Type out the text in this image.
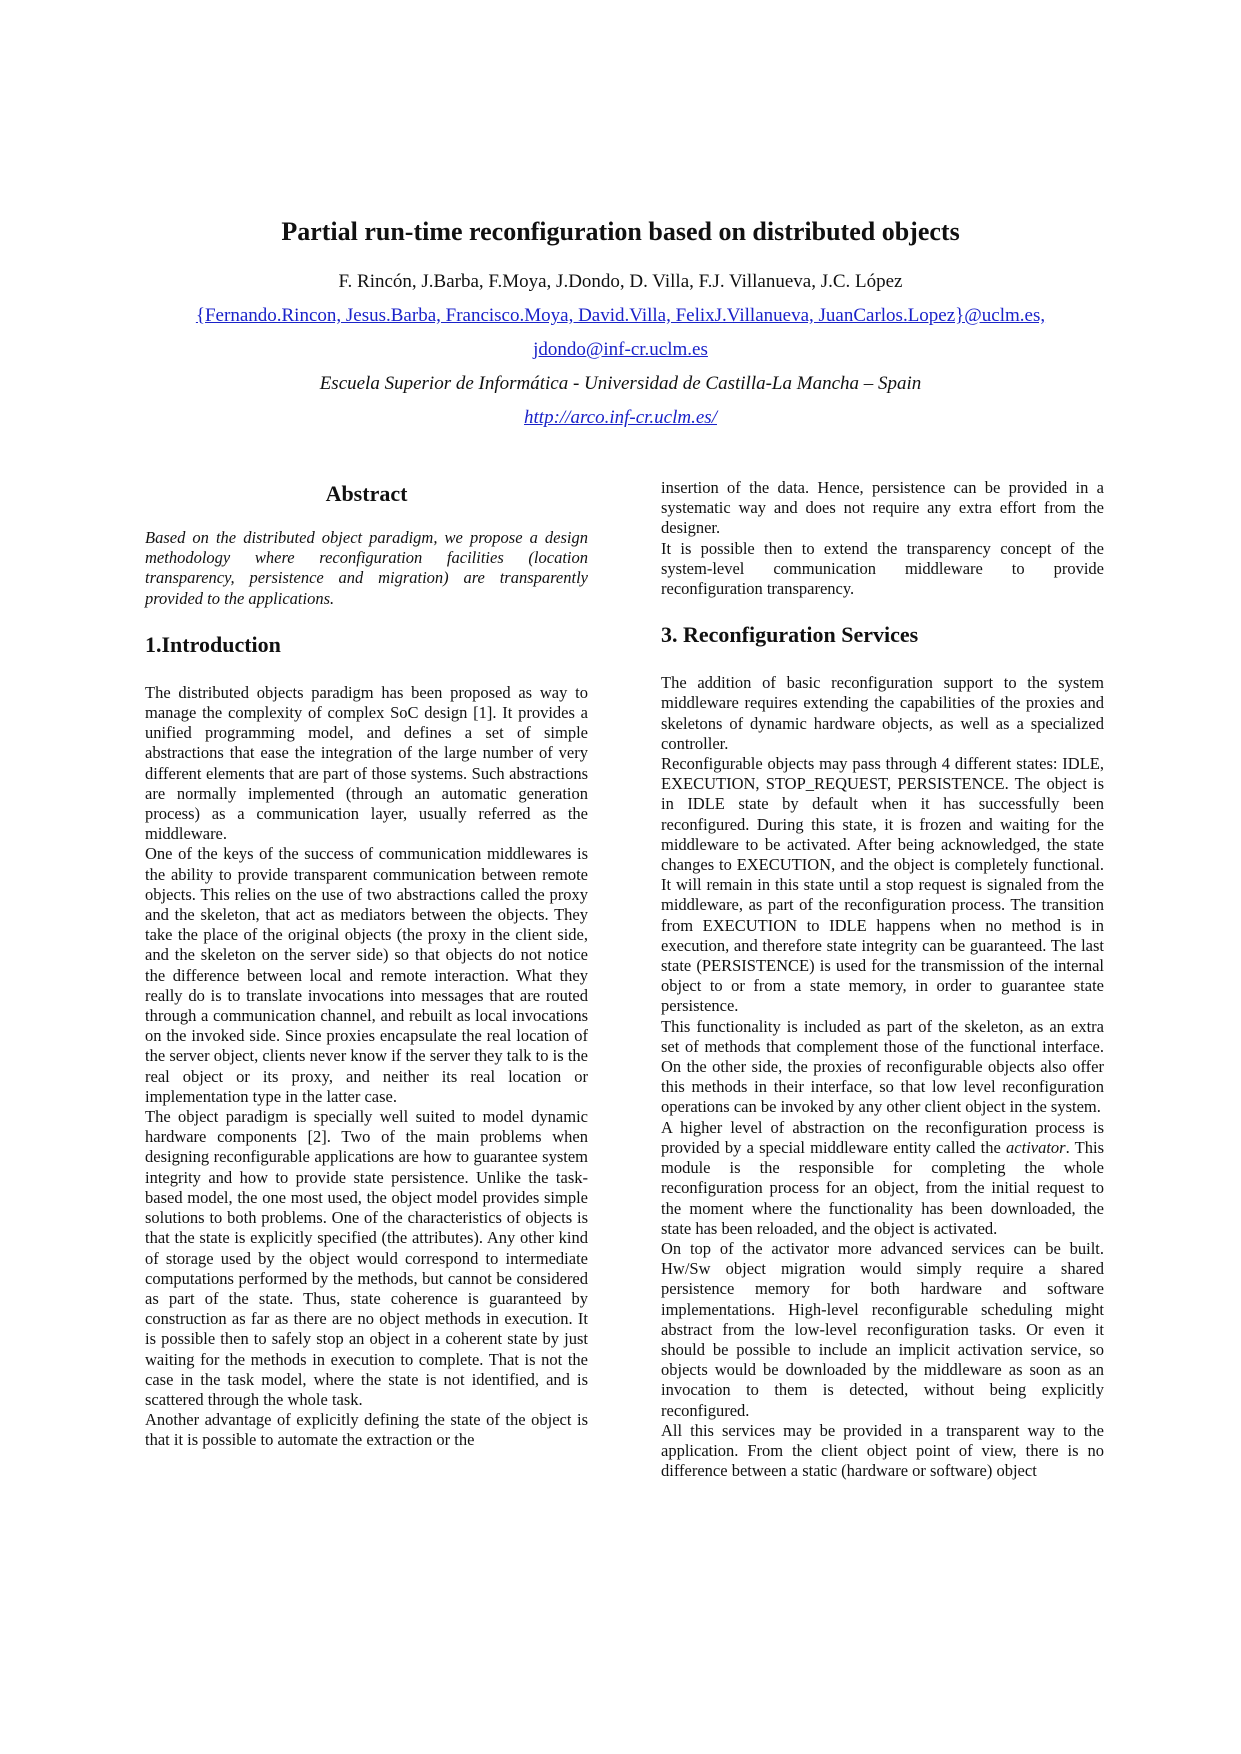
Partial run-time reconfiguration based on distributed objects
F. Rincón, J.Barba, F.Moya, J.Dondo, D. Villa, F.J. Villanueva, J.C. López
{Fernando.Rincon, Jesus.Barba, Francisco.Moya, David.Villa, FelixJ.Villanueva, JuanCarlos.Lopez}@uclm.es,
jdondo@inf-cr.uclm.es
Escuela Superior de Informática - Universidad de Castilla-La Mancha – Spain
http://arco.inf-cr.uclm.es/
Abstract

Based on the distributed object paradigm, we propose a design methodology where reconfiguration facilities (location transparency, persistence and migration) are transparently provided to the applications.

1.Introduction

The distributed objects paradigm has been proposed as way to manage the complexity of complex SoC design [1]. It provides a unified programming model, and defines a set of simple abstractions that ease the integration of the large number of very different elements that are part of those systems. Such abstractions are normally implemented (through an automatic generation process) as a communication layer, usually referred as the middleware.

One of the keys of the success of communication middlewares is the ability to provide transparent communication between remote objects. This relies on the use of two abstractions called the proxy and the skeleton, that act as mediators between the objects. They take the place of the original objects (the proxy in the client side, and the skeleton on the server side) so that objects do not notice the difference between local and remote interaction. What they really do is to translate invocations into messages that are routed through a communication channel, and rebuilt as local invocations on the invoked side. Since proxies encapsulate the real location of the server object, clients never know if the server they talk to is the real object or its proxy, and neither its real location or implementation type in the latter case.

The object paradigm is specially well suited to model dynamic hardware components [2]. Two of the main problems when designing reconfigurable applications are how to guarantee system integrity and how to provide state persistence. Unlike the task-based model, the one most used, the object model provides simple solutions to both problems. One of the characteristics of objects is that the state is explicitly specified (the attributes). Any other kind of storage used by the object would correspond to intermediate computations performed by the methods, but cannot be considered as part of the state. Thus, state coherence is guaranteed by construction as far as there are no object methods in execution. It is possible then to safely stop an object in a coherent state by just waiting for the methods in execution to complete. That is not the case in the task model, where the state is not identified, and is scattered through the whole task.

Another advantage of explicitly defining the state of the object is that it is possible to automate the extraction or the

insertion of the data. Hence, persistence can be provided in a systematic way and does not require any extra effort from the designer.

It is possible then to extend the transparency concept of the system-level communication middleware to provide reconfiguration transparency.

3. Reconfiguration Services

The addition of basic reconfiguration support to the system middleware requires extending the capabilities of the proxies and skeletons of dynamic hardware objects, as well as a specialized controller.

Reconfigurable objects may pass through 4 different states: IDLE, EXECUTION, STOP_REQUEST, PERSISTENCE. The object is in IDLE state by default when it has successfully been reconfigured. During this state, it is frozen and waiting for the middleware to be activated. After being acknowledged, the state changes to EXECUTION, and the object is completely functional. It will remain in this state until a stop request is signaled from the middleware, as part of the reconfiguration process. The transition from EXECUTION to IDLE happens when no method is in execution, and therefore state integrity can be guaranteed. The last state (PERSISTENCE) is used for the transmission of the internal object to or from a state memory, in order to guarantee state persistence.

This functionality is included as part of the skeleton, as an extra set of methods that complement those of the functional interface. On the other side, the proxies of reconfigurable objects also offer this methods in their interface, so that low level reconfiguration operations can be invoked by any other client object in the system.

A higher level of abstraction on the reconfiguration process is provided by a special middleware entity called the activator. This module is the responsible for completing the whole reconfiguration process for an object, from the initial request to the moment where the functionality has been downloaded, the state has been reloaded, and the object is activated.

On top of the activator more advanced services can be built. Hw/Sw object migration would simply require a shared persistence memory for both hardware and software implementations. High-level reconfigurable scheduling might abstract from the low-level reconfiguration tasks. Or even it should be possible to include an implicit activation service, so objects would be downloaded by the middleware as soon as an invocation to them is detected, without being explicitly reconfigured.

All this services may be provided in a transparent way to the application. From the client object point of view, there is no difference between a static (hardware or software) object
